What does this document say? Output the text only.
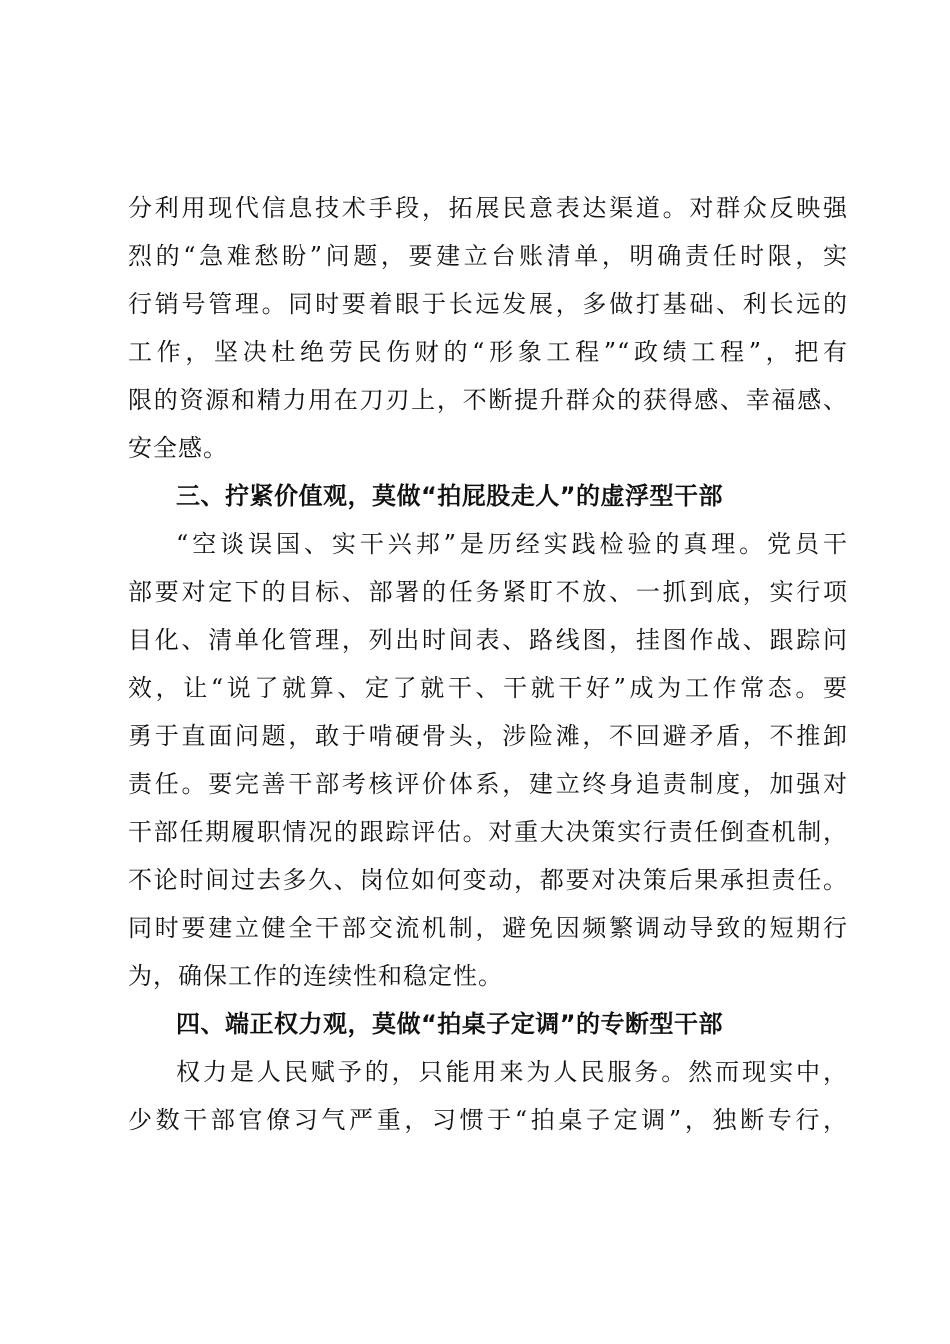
分利用现代信息技术手段，拓展民意表达渠道。对群众反映强
烈的“急难愁盼”问题，要建立台账清单，明确责任时限，实
行销号管理。同时要着眼于长远发展，多做打基础、利长远的
工作，坚决杜绝劳民伤财的“形象工程”“政绩工程”，把有
限的资源和精力用在刀刃上，不断提升群众的获得感、幸福感、
安全感。
三、拧紧价值观，莫做“拍屁股走人”的虚浮型干部
“空谈误国、实干兴邦”是历经实践检验的真理。党员干
部要对定下的目标、部署的任务紧盯不放、一抓到底，实行项
目化、清单化管理，列出时间表、路线图，挂图作战、跟踪问
效，让“说了就算、定了就干、干就干好”成为工作常态。要
勇于直面问题，敢于啃硬骨头，涉险滩，不回避矛盾，不推卸
责任。要完善干部考核评价体系，建立终身追责制度，加强对
干部任期履职情况的跟踪评估。对重大决策实行责任倒查机制，
不论时间过去多久、岗位如何变动，都要对决策后果承担责任。
同时要建立健全干部交流机制，避免因频繁调动导致的短期行
为，确保工作的连续性和稳定性。
四、端正权力观，莫做“拍桌子定调”的专断型干部
权力是人民赋予的，只能用来为人民服务。然而现实中，
少数干部官僚习气严重，习惯于“拍桌子定调”，独断专行，
